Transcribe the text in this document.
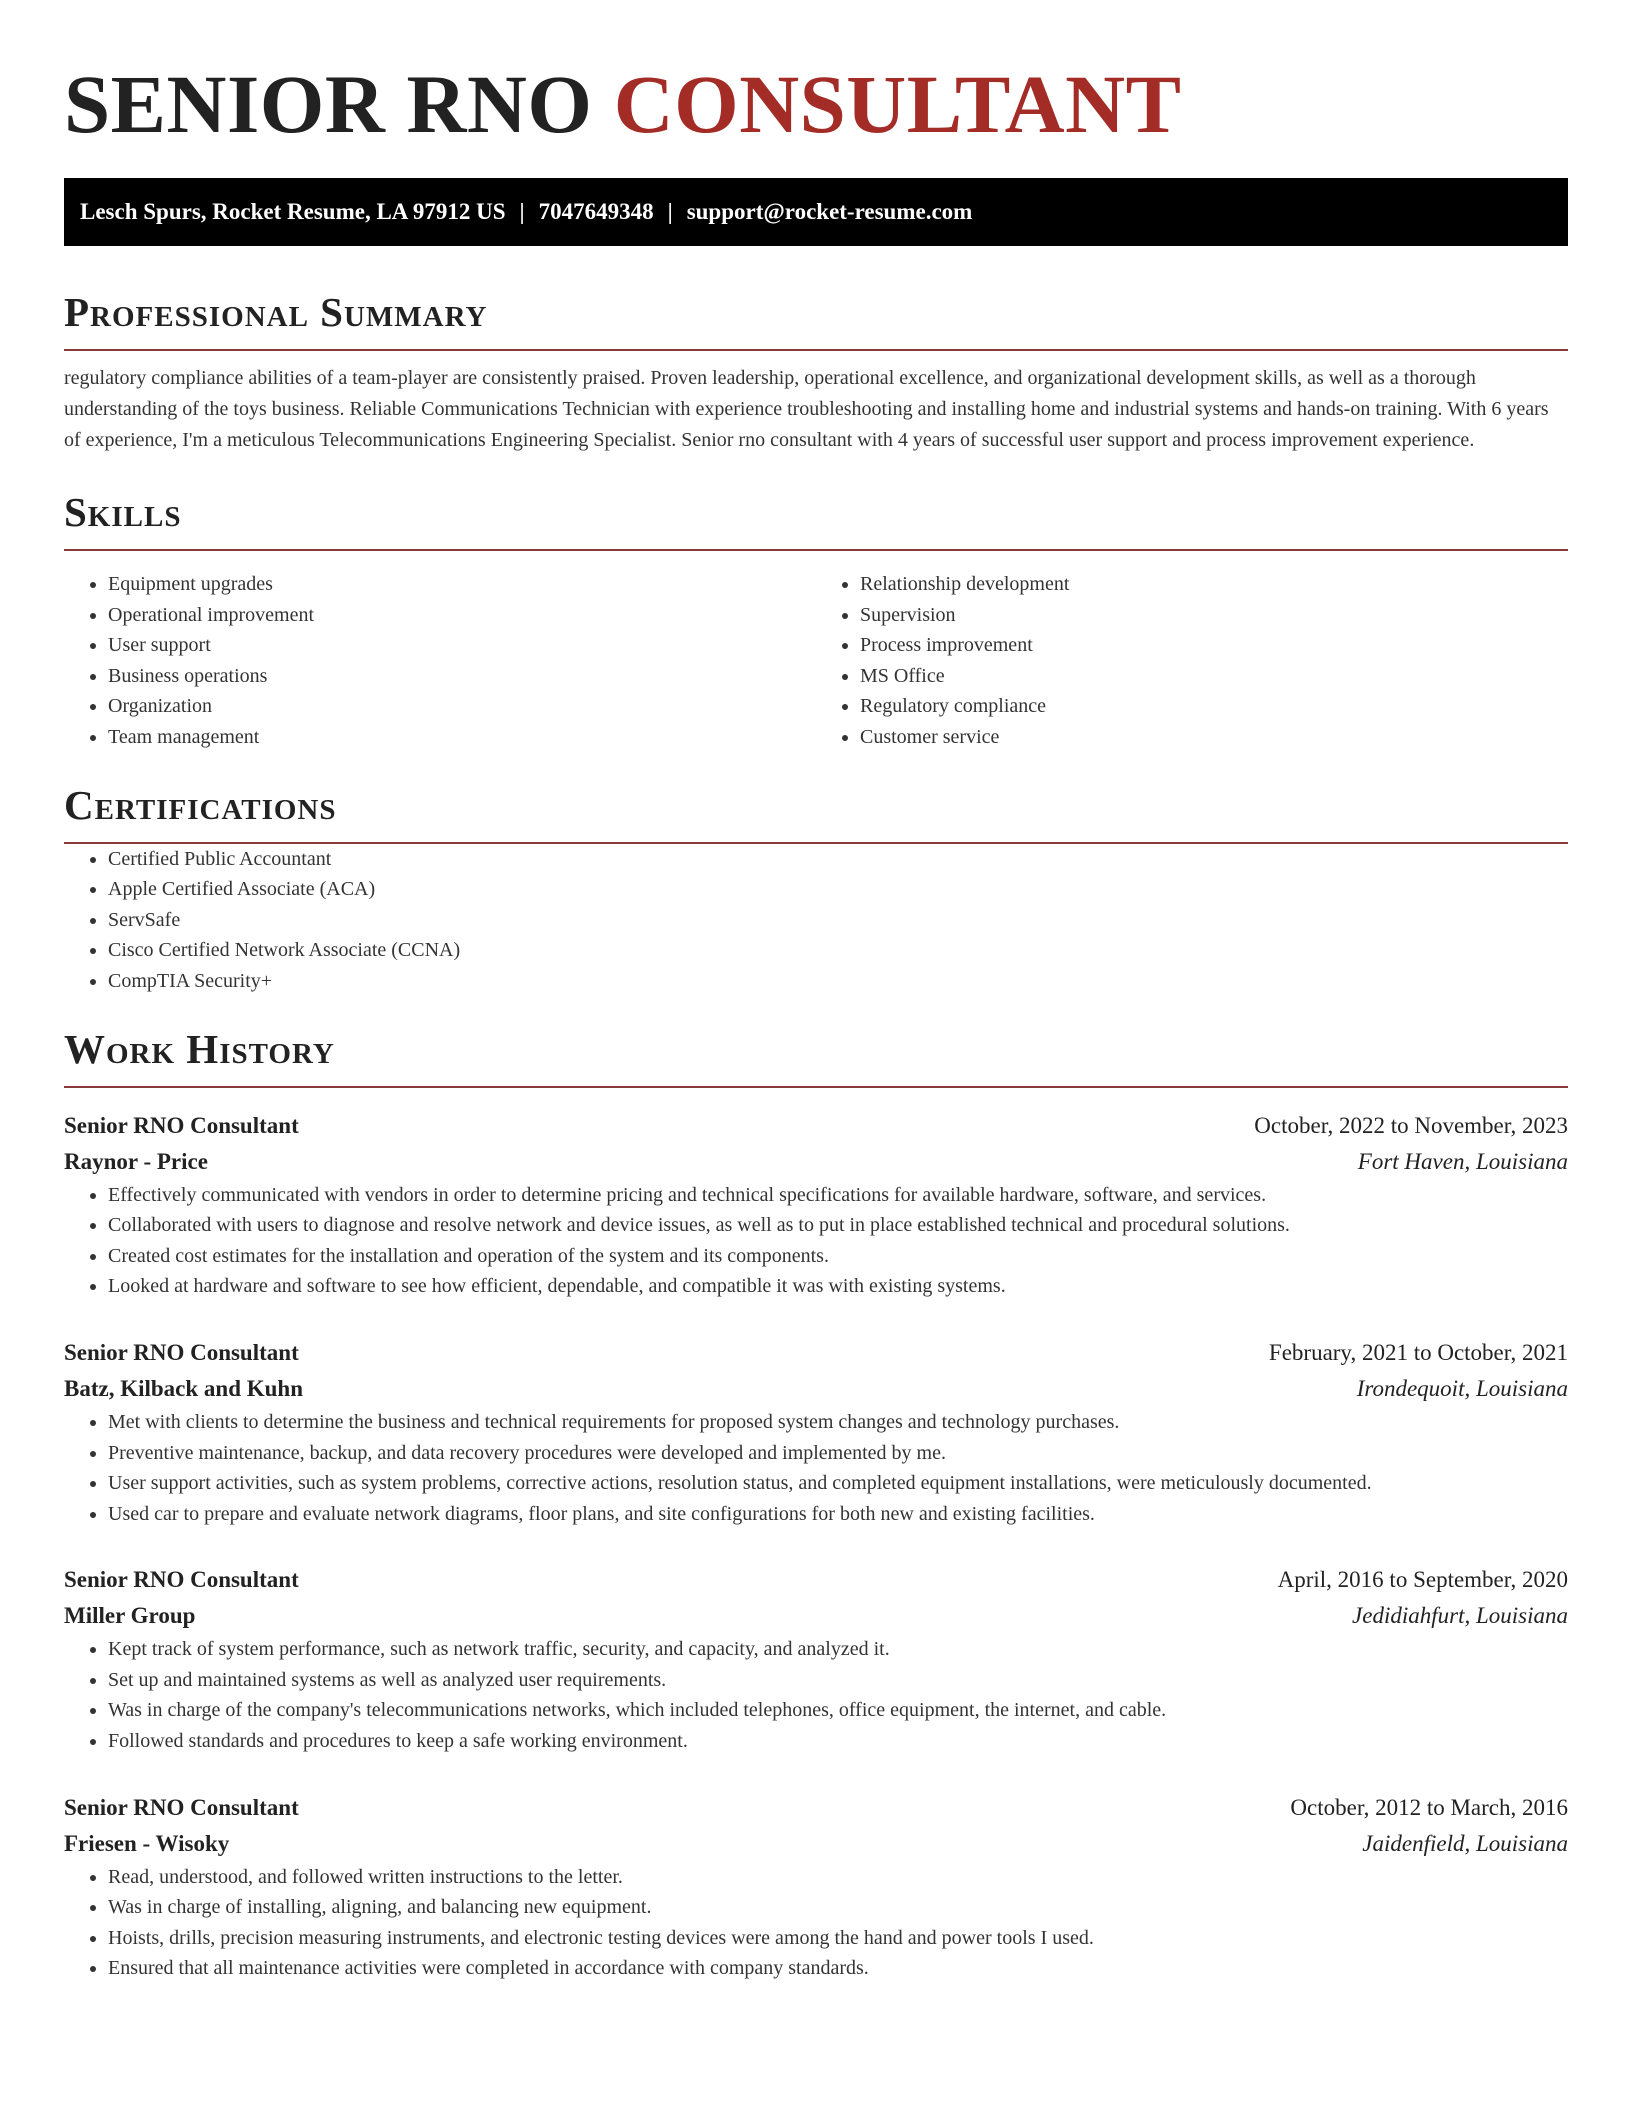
SENIOR RNO CONSULTANT
Lesch Spurs, Rocket Resume, LA 97912 US | 7047649348 | support@rocket-resume.com
Professional Summary

regulatory compliance abilities of a team-player are consistently praised. Proven leadership, operational excellence, and organizational development skills, as well as a thorough understanding of the toys business. Reliable Communications Technician with experience troubleshooting and installing home and industrial systems and hands-on training. With 6 years of experience, I'm a meticulous Telecommunications Engineering Specialist. Senior rno consultant with 4 years of successful user support and process improvement experience.

Skills
• Equipment upgrades
• Operational improvement
• User support
• Business operations
• Organization
• Team management
• Relationship development
• Supervision
• Process improvement
• MS Office
• Regulatory compliance
• Customer service
Certifications
• Certified Public Accountant
• Apple Certified Associate (ACA)
• ServSafe
• Cisco Certified Network Associate (CCNA)
• CompTIA Security+
Work History
Senior RNO Consultant	October, 2022 to November, 2023
Raynor - Price	Fort Haven, Louisiana
• Effectively communicated with vendors in order to determine pricing and technical specifications for available hardware, software, and services.
• Collaborated with users to diagnose and resolve network and device issues, as well as to put in place established technical and procedural solutions.
• Created cost estimates for the installation and operation of the system and its components.
• Looked at hardware and software to see how efficient, dependable, and compatible it was with existing systems.
Senior RNO Consultant	February, 2021 to October, 2021
Batz, Kilback and Kuhn	Irondequoit, Louisiana
• Met with clients to determine the business and technical requirements for proposed system changes and technology purchases.
• Preventive maintenance, backup, and data recovery procedures were developed and implemented by me.
• User support activities, such as system problems, corrective actions, resolution status, and completed equipment installations, were meticulously documented.
• Used car to prepare and evaluate network diagrams, floor plans, and site configurations for both new and existing facilities.
Senior RNO Consultant	April, 2016 to September, 2020
Miller Group	Jedidiahfurt, Louisiana
• Kept track of system performance, such as network traffic, security, and capacity, and analyzed it.
• Set up and maintained systems as well as analyzed user requirements.
• Was in charge of the company's telecommunications networks, which included telephones, office equipment, the internet, and cable.
• Followed standards and procedures to keep a safe working environment.
Senior RNO Consultant	October, 2012 to March, 2016
Friesen - Wisoky	Jaidenfield, Louisiana
• Read, understood, and followed written instructions to the letter.
• Was in charge of installing, aligning, and balancing new equipment.
• Hoists, drills, precision measuring instruments, and electronic testing devices were among the hand and power tools I used.
• Ensured that all maintenance activities were completed in accordance with company standards.
